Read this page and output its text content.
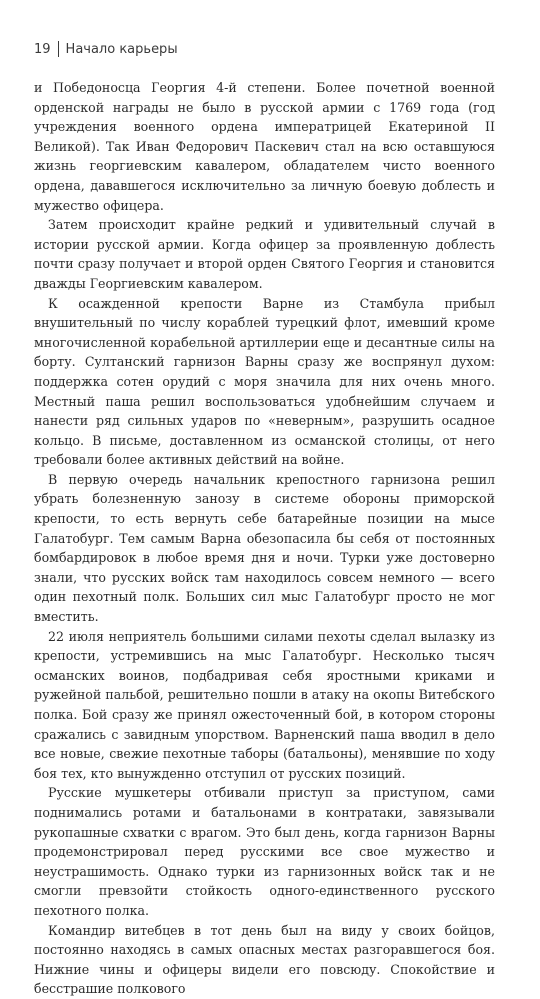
19 Начало карьеры

и Победоносца Георгия 4-й степени. Более почетной военной орденской награды не было в русской армии с 1769 года (год учреждения военного ордена императрицей Екатериной II Великой). Так Иван Федорович Паскевич стал на всю оставшуюся жизнь георгиевским кавалером, обладателем чисто военного ордена, дававшегося исключительно за личную боевую доблесть и мужество офицера.

Затем происходит крайне редкий и удивительный случай в истории русской армии. Когда офицер за проявленную доблесть почти сразу получает и второй орден Святого Георгия и становится дважды Георгиевским кавалером.

К осажденной крепости Варне из Стамбула прибыл внушительный по числу кораблей турецкий флот, имевший кроме многочисленной корабельной артиллерии еще и десантные силы на борту. Султанский гарнизон Варны сразу же воспрянул духом: поддержка сотен орудий с моря значила для них очень много. Местный паша решил воспользоваться удобнейшим случаем и нанести ряд сильных ударов по «неверным», разрушить осадное кольцо. В письме, доставленном из османской столицы, от него требовали более активных действий на войне.

В первую очередь начальник крепостного гарнизона решил убрать болезненную занозу в системе обороны приморской крепости, то есть вернуть себе батарейные позиции на мысе Галатобург. Тем самым Варна обезопасила бы себя от постоянных бомбардировок в любое время дня и ночи. Турки уже достоверно знали, что русских войск там находилось совсем немного — всего один пехотный полк. Больших сил мыс Галатобург просто не мог вместить.

22 июля неприятель большими силами пехоты сделал вылазку из крепости, устремившись на мыс Галатобург. Несколько тысяч османских воинов, подбадривая себя яростными криками и ружейной пальбой, решительно пошли в атаку на окопы Витебского полка. Бой сразу же принял ожесточенный бой, в котором стороны сражались с завидным упорством. Варненский паша вводил в дело все новые, свежие пехотные таборы (батальоны), менявшие по ходу боя тех, кто вынужденно отступил от русских позиций.

Русские мушкетеры отбивали приступ за приступом, сами поднимались ротами и батальонами в контратаки, завязывали рукопашные схватки с врагом. Это был день, когда гарнизон Варны продемонстрировал перед русскими все свое мужество и неустрашимость. Однако турки из гарнизонных войск так и не смогли превзойти стойкость одного-единственного русского пехотного полка.

Командир витебцев в тот день был на виду у своих бойцов, постоянно находясь в самых опасных местах разгоравшегося боя. Нижние чины и офицеры видели его повсюду. Спокойствие и бесстрашие полкового
